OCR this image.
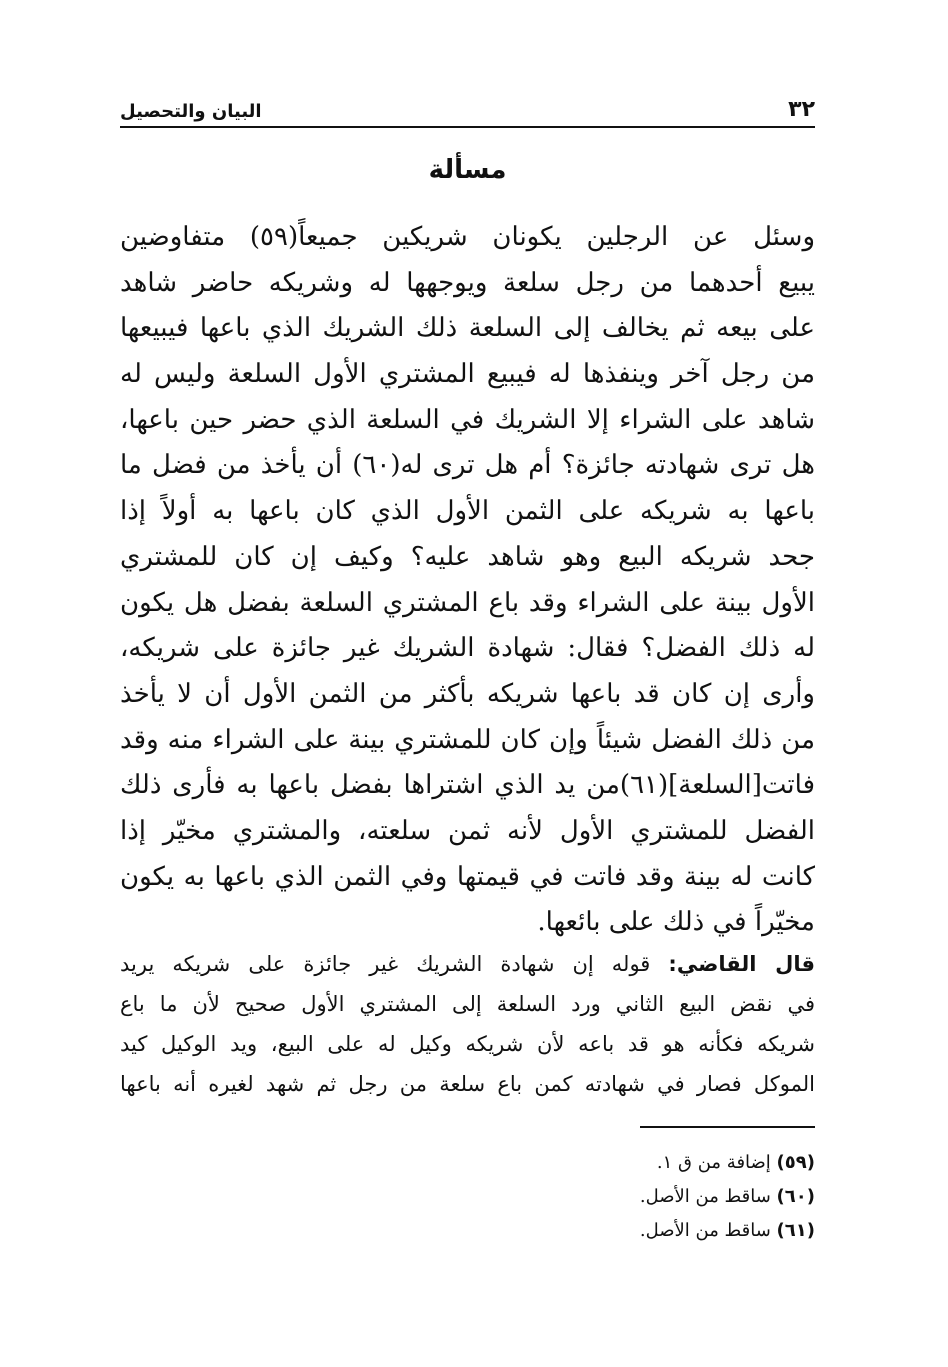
٣٢
البيان والتحصيل
مسألة
وسئل عن الرجلين يكونان شريكين جميعاً(٥٩) متفاوضين
يبيع أحدهما من رجل سلعة ويوجهها له وشريكه حاضر شاهد
على بيعه ثم يخالف إلى السلعة ذلك الشريك الذي باعها فيبيعها
من رجل آخر وينفذها له فيبيع المشتري الأول السلعة وليس له
شاهد على الشراء إلا الشريك في السلعة الذي حضر حين باعها،
هل ترى شهادته جائزة؟ أم هل ترى له(٦٠) أن يأخذ من فضل ما
باعها به شريكه على الثمن الأول الذي كان باعها به أولاً إذا
جحد شريكه البيع وهو شاهد عليه؟ وكيف إن كان للمشتري
الأول بينة على الشراء وقد باع المشتري السلعة بفضل هل يكون
له ذلك الفضل؟ فقال: شهادة الشريك غير جائزة على شريكه،
وأرى إن كان قد باعها شريكه بأكثر من الثمن الأول أن لا يأخذ
من ذلك الفضل شيئاً وإن كان للمشتري بينة على الشراء منه وقد
فاتت[السلعة](٦١)من يد الذي اشتراها بفضل باعها به فأرى ذلك
الفضل للمشتري الأول لأنه ثمن سلعته، والمشتري مخيّر إذا
كانت له بينة وقد فاتت في قيمتها وفي الثمن الذي باعها به يكون
مخيّراً في ذلك على بائعها.
قال القاضي: قوله إن شهادة الشريك غير جائزة على شريكه يريد
في نقض البيع الثاني ورد السلعة إلى المشتري الأول صحيح لأن ما باع
شريكه فكأنه هو قد باعه لأن شريكه وكيل له على البيع، ويد الوكيل كيد
الموكل فصار في شهادته كمن باع سلعة من رجل ثم شهد لغيره أنه باعها
(٥٩) إضافة من ق ١.
(٦٠) ساقط من الأصل.
(٦١) ساقط من الأصل.
